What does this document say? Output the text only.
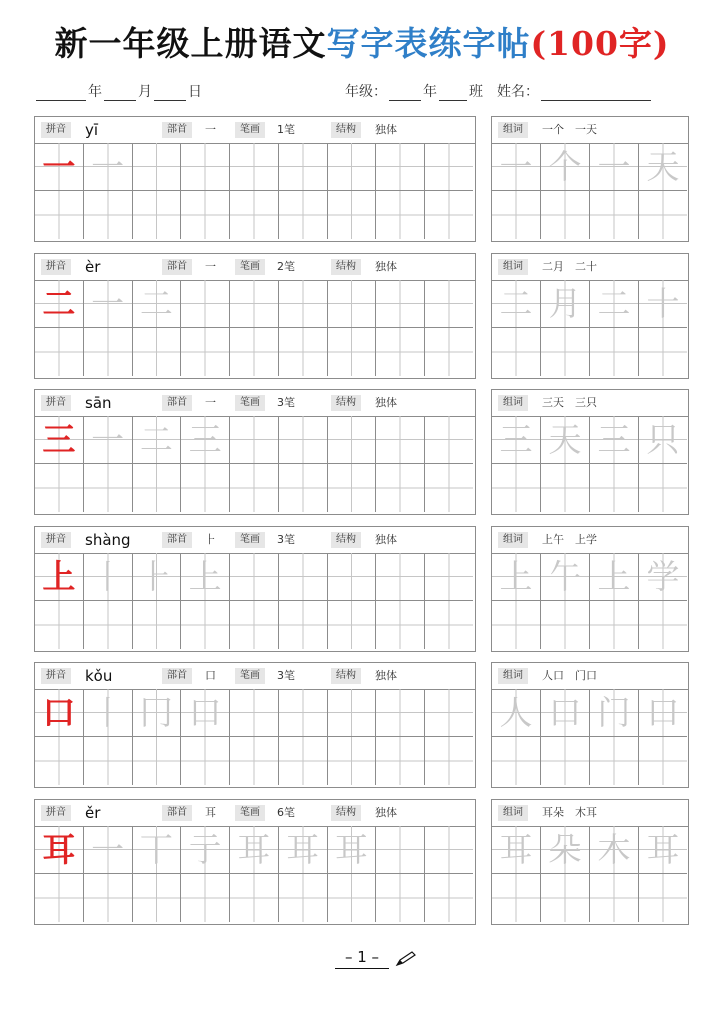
新一年级上册语文写字表练字帖(100字)
年	月	日	年级：	年 班 姓名：
拼音	yī	部首	一	笔画	1笔	结构	独体
一 一
组词	一个　一天
一 个 一 天
拼音	èr	部首	一	笔画	2笔	结构	独体
二 一 二
组词	二月　二十
二 月 二 十
拼音	sān	部首	一	笔画	3笔	结构	独体
三 一 二 三
组词	三天　三只
三 天 三 只
拼音	shàng	部首	⺊	笔画	3笔	结构	独体
上 丨 ⺊ 上
组词	上午　上学
上 午 上 学
拼音	kǒu	部首	口	笔画	3笔	结构	独体
口 丨 冂 口
组词	人口　门口
人 口 门 口
拼音	ěr	部首	耳	笔画	6笔	结构	独体
耳 一 丅 亍 耳 耳 耳
组词	耳朵　木耳
耳 朵 木 耳
– 1 –
